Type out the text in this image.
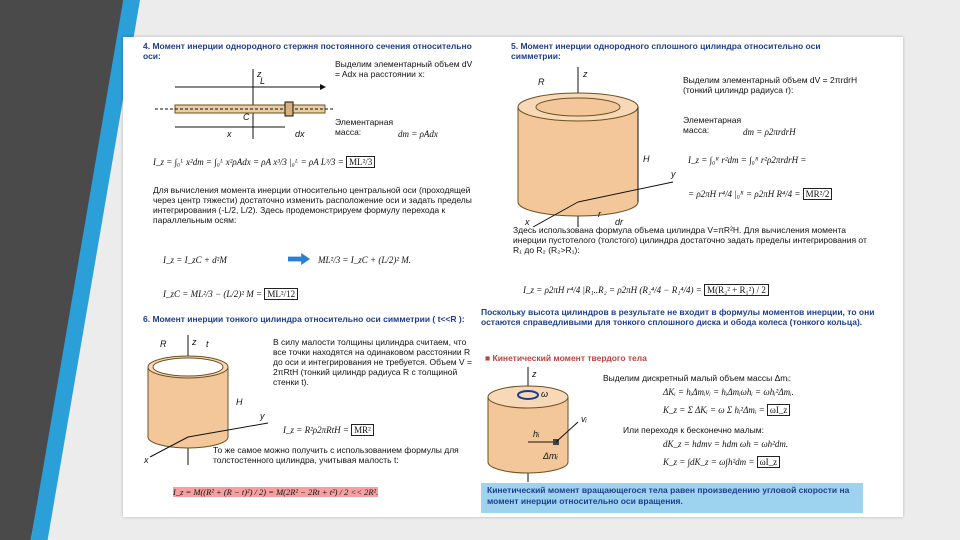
4. Момент инерции однородного стержня постоянного сечения относительно оси:
z
L
C
x	dx
Выделим элементарный объем dV = Adx на расстоянии x:
Элементарная масса:	dm = ρAdx
I_z = ∫₀ᴸ x²dm = ∫₀ᴸ x²ρAdx = ρA x³/3 |₀ᴸ = ρA L³/3 = ML²/3
Для вычисления момента инерции относительно центральной оси (проходящей через центр тяжести) достаточно изменить расположение оси и задать пределы интегрирования (-L/2, L/2). Здесь продемонстрируем формулу перехода к параллельным осям:
I_z = I_zC + d²M	ML²/3 = I_zC + (L/2)² M.
I_zC = ML²/3 − (L/2)² M = ML²/12
5. Момент инерции однородного сплошного цилиндра относительно оси симметрии:
z
R
H
y
x
r
dr
Выделим элементарный объем dV = 2πrdrH (тонкий цилиндр радиуса r):
Элементарная масса:	dm = ρ2πrdrH
I_z = ∫₀ᴿ r²dm = ∫₀ᴿ r²ρ2πrdrH =
= ρ2πH r⁴/4 |₀ᴿ = ρ2πH R⁴/4 = MR²/2
Здесь использована формула объема цилиндра V=πR²H. Для вычисления момента инерции пустотелого (толстого) цилиндра достаточно задать пределы интегрирования от R₁ до R₂ (R₂>R₁):
I_z = ρ2πH r⁴/4 |R₁..R₂ = ρ2πH (R₂⁴/4 − R₁⁴/4) = M(R₂² + R₁²) / 2
6. Момент инерции тонкого цилиндра относительно оси симметрии ( t<<R ):
z
R	t
H
y
x
В силу малости толщины цилиндра считаем, что все точки находятся на одинаковом расстоянии R до оси и интегрирования не требуется. Объем V = 2πRtH (тонкий цилиндр радиуса R с толщиной стенки t).
I_z = R²ρ2πRtH = MR²
То же самое можно получить с использованием формулы для толстостенного цилиндра, учитывая малость t:
I_z = M((R² + (R − t)²) / 2) = M(2R² − 2Rt + t²) / 2 << 2R².
Поскольку высота цилиндров в результате не входит в формулы моментов инерции, то они остаются справедливыми для тонкого сплошного диска и обода колеса (тонкого кольца).
■ Кинетический момент твердого тела
z
ω
vᵢ
hᵢ
Δmᵢ
Выделим дискретный малый объем массы Δmᵢ:
ΔKᵢ = hᵢΔmᵢvᵢ = hᵢΔmᵢωhᵢ = ωhᵢ²Δmᵢ.
K_z = Σ ΔKᵢ = ω Σ hᵢ²Δmᵢ = ωI_z
Или переходя к бесконечно малым:
dK_z = hdmv = hdm ωh = ωh²dm.
K_z = ∫dK_z = ω∫h²dm = ωI_z
Кинетический момент вращающегося тела равен произведению угловой скорости на момент инерции относительно оси вращения.
